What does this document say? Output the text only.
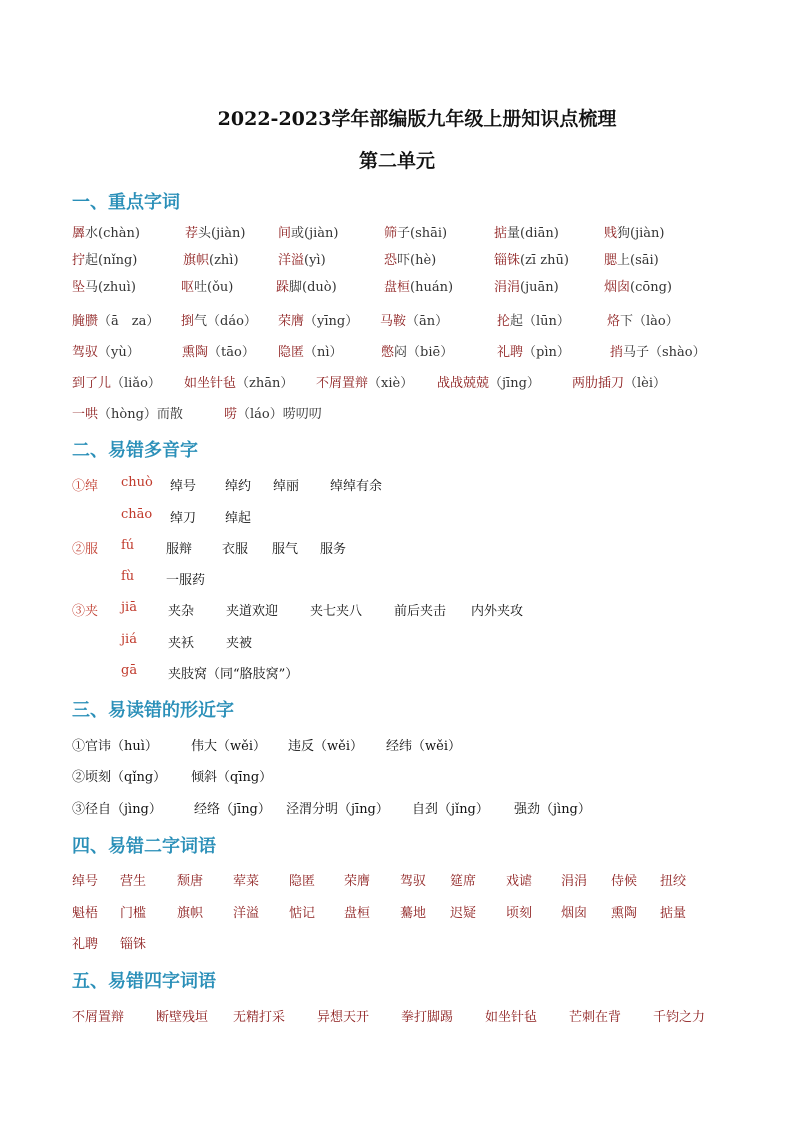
2022-2023学年部编版九年级上册知识点梳理
第二单元
一、重点字词
羼水(chàn)	荐头(jiàn)	间或(jiàn)	筛子(shāi)	掂量(diān)	贱狗(jiàn)
拧起(nǐng)	旗帜(zhì)	洋溢(yì)	恐吓(hè)	锱铢(zī zhū)	腮上(sāi)
坠马(zhuì)	呕吐(ǒu)	跺脚(duò)	盘桓(huán)	涓涓(juān)	烟囱(cōng)
腌臜（ā　za） 捯气（dáo） 荣膺（yīng） 马鞍（ān）	抡起（lūn）	烙下（lào）
驾驭（yù）	熏陶（tāo） 隐匿（nì）	憋闷（biē）	礼聘（pìn）	捎马子（shào）
到了儿（liǎo） 如坐针毡（zhān） 不屑置辩（xiè） 战战兢兢（jīng） 两肋插刀（lèi）
一哄（hòng）而散	唠（láo）唠叨叨
二、易错多音字
①绰 chuò 绰号 绰约 绰丽 绰绰有余
chāo 绰刀 绰起
②服 fú 服辩 衣服 服气 服务
fù 一服药
③夹 jiā 夹杂 夹道欢迎 夹七夹八 前后夹击 内外夹攻
jiá 夹袄 夹被
gā 夹肢窝（同“胳肢窝”）
三、易读错的形近字
①官讳（huì）	伟大（wěi） 违反（wěi） 经纬（wěi）
②顷刻（qǐng） 倾斜（qīng）
③径自（jìng） 经络（jīng） 泾渭分明（jīng） 自刭（jǐng） 强劲（jìng）
四、易错二字词语
绰号 营生 颓唐 荤菜 隐匿 荣膺 驾驭 筵席 戏谑 涓涓 侍候 扭绞
魁梧 门槛 旗帜 洋溢 惦记 盘桓 驀地 迟疑 顷刻 烟囱 熏陶 掂量
礼聘 锱铢
五、易错四字词语
不屑置辩 断壁残垣 无精打采 异想天开 拳打脚踢 如坐针毡 芒刺在背 千钧之力
